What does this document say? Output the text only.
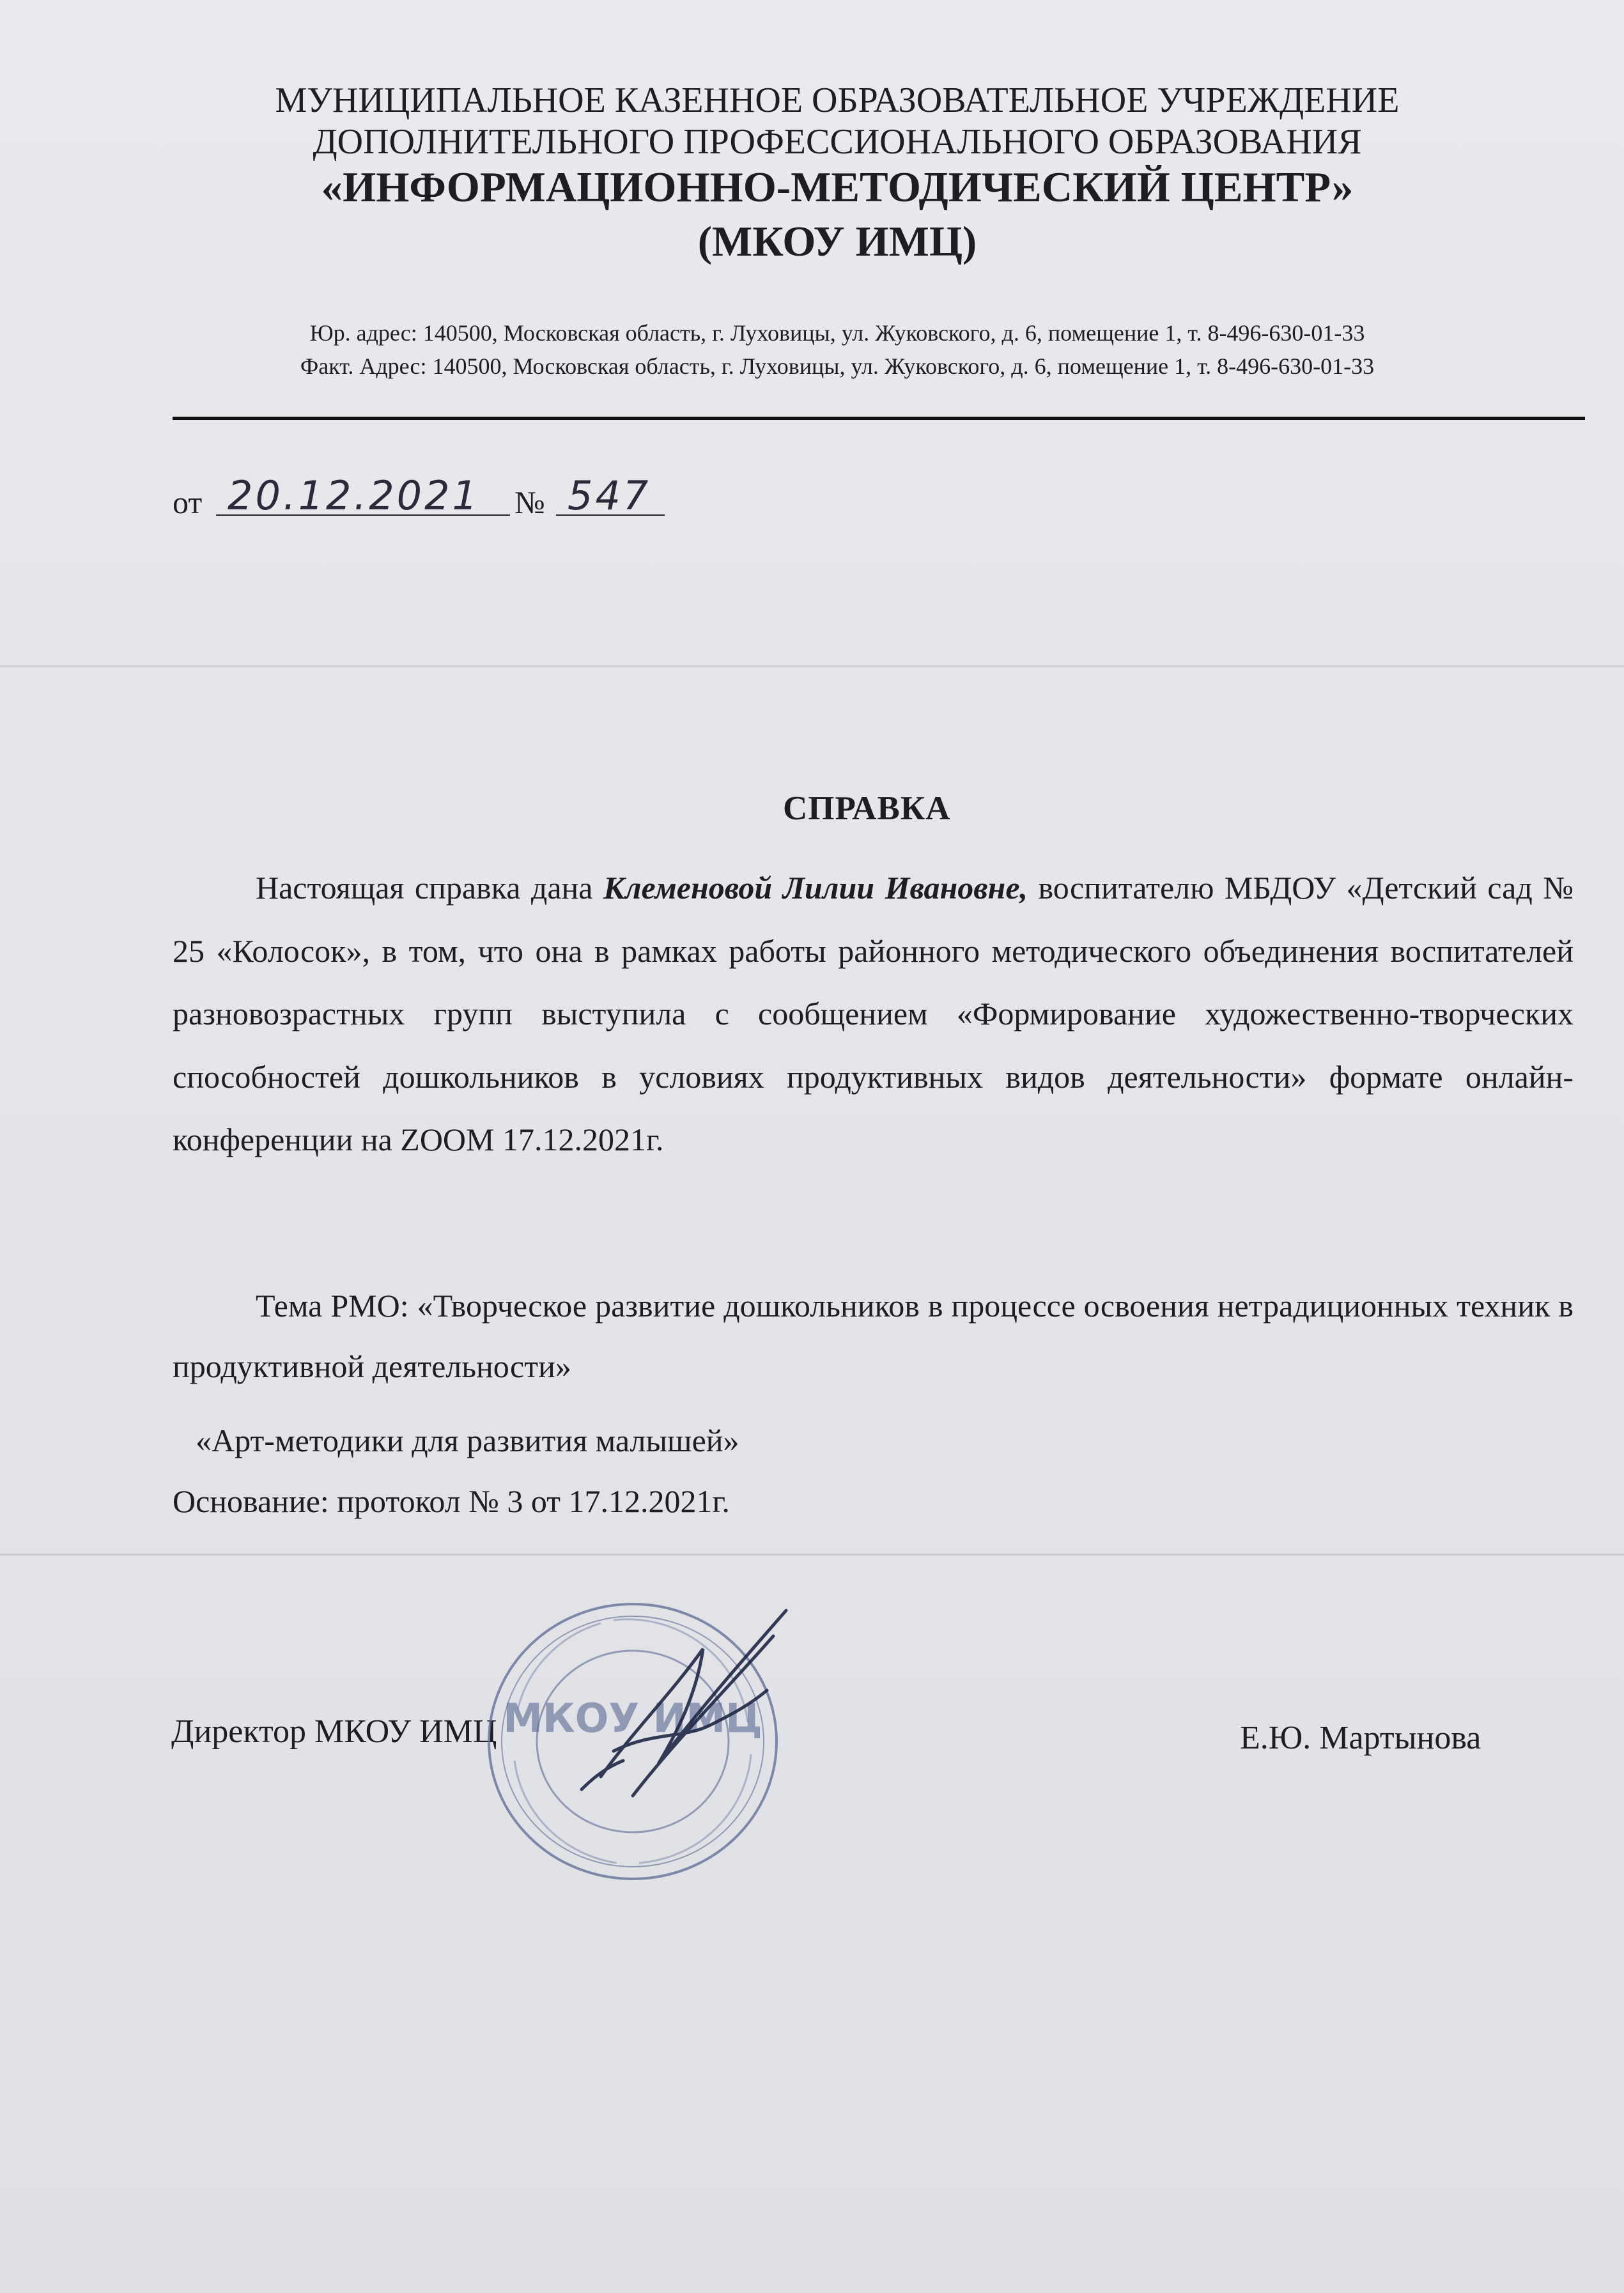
МУНИЦИПАЛЬНОЕ КАЗЕННОЕ ОБРАЗОВАТЕЛЬНОЕ УЧРЕЖДЕНИЕ
ДОПОЛНИТЕЛЬНОГО ПРОФЕССИОНАЛЬНОГО ОБРАЗОВАНИЯ
«ИНФОРМАЦИОННО-МЕТОДИЧЕСКИЙ ЦЕНТР»
(МКОУ ИМЦ)
Юр. адрес: 140500, Московская область, г. Луховицы, ул. Жуковского, д. 6, помещение 1, т. 8-496-630-01-33
Факт. Адрес: 140500, Московская область, г. Луховицы, ул. Жуковского, д. 6, помещение 1, т. 8-496-630-01-33
от 20.12.2021 № 547
СПРАВКА
Настоящая справка дана Клеменовой Лилии Ивановне, воспитателю МБДОУ «Детский сад № 25 «Колосок», в том, что она в рамках работы районного методического объединения воспитателей разновозрастных групп выступила с сообщением «Формирование художественно-творческих способностей дошкольников в условиях продуктивных видов деятельности» формате онлайн-конференции на ZOOM 17.12.2021г.
Тема РМО: «Творческое развитие дошкольников в процессе освоения нетрадиционных техник в продуктивной деятельности»
«Арт-методики для развития малышей»
Основание: протокол № 3 от 17.12.2021г.
Директор МКОУ ИМЦ	Е.Ю. Мартынова
МКОУ ИМЦ
